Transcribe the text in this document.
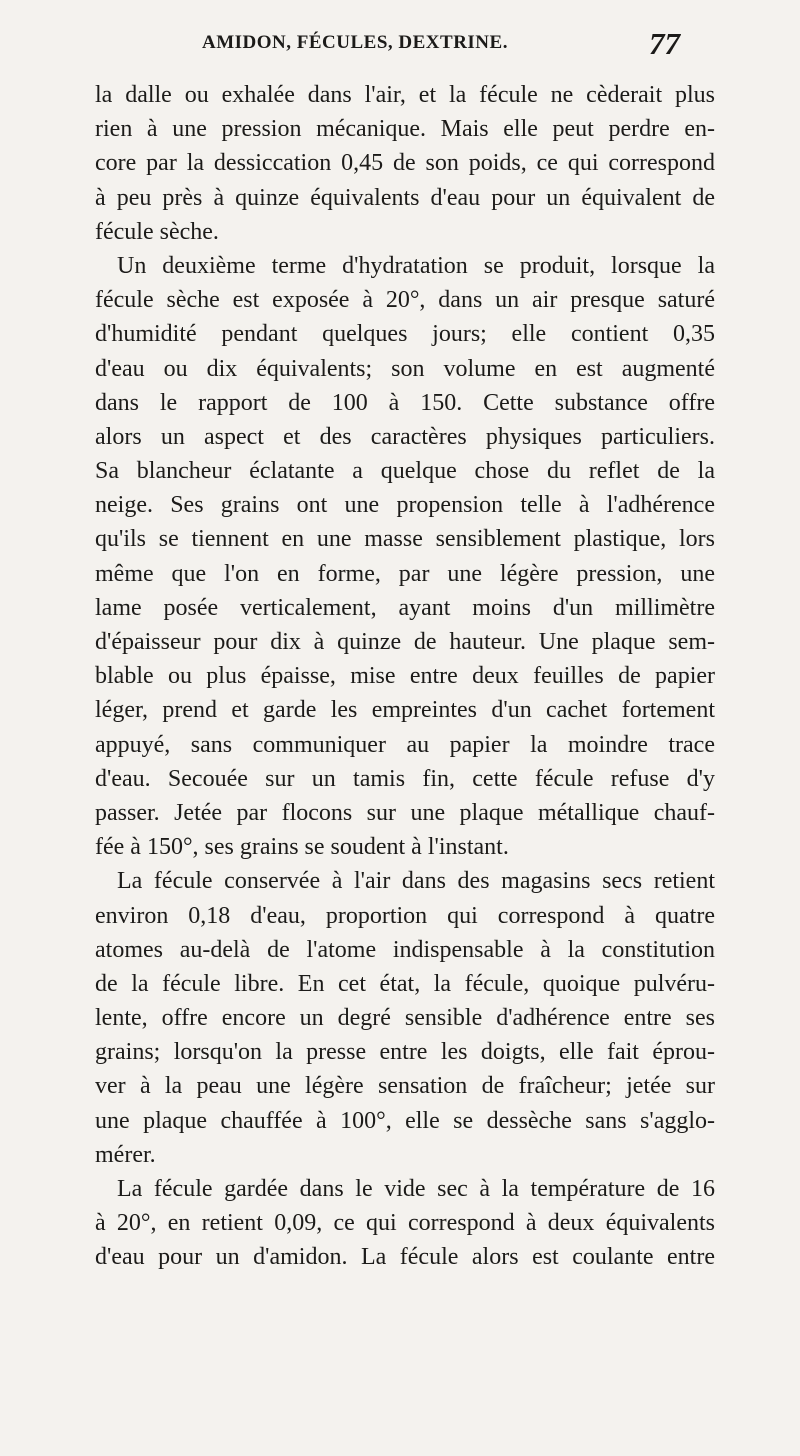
AMIDON, FÉCULES, DEXTRINE.	77
la dalle ou exhalée dans l'air, et la fécule ne cèderait plus
rien à une pression mécanique. Mais elle peut perdre en-
core par la dessiccation 0,45 de son poids, ce qui correspond
à peu près à quinze équivalents d'eau pour un équivalent de
fécule sèche.
Un deuxième terme d'hydratation se produit, lorsque la
fécule sèche est exposée à 20°, dans un air presque saturé
d'humidité pendant quelques jours; elle contient 0,35
d'eau ou dix équivalents; son volume en est augmenté
dans le rapport de 100 à 150. Cette substance offre
alors un aspect et des caractères physiques particuliers.
Sa blancheur éclatante a quelque chose du reflet de la
neige. Ses grains ont une propension telle à l'adhérence
qu'ils se tiennent en une masse sensiblement plastique, lors
même que l'on en forme, par une légère pression, une
lame posée verticalement, ayant moins d'un millimètre
d'épaisseur pour dix à quinze de hauteur. Une plaque sem-
blable ou plus épaisse, mise entre deux feuilles de papier
léger, prend et garde les empreintes d'un cachet fortement
appuyé, sans communiquer au papier la moindre trace
d'eau. Secouée sur un tamis fin, cette fécule refuse d'y
passer. Jetée par flocons sur une plaque métallique chauf-
fée à 150°, ses grains se soudent à l'instant.
La fécule conservée à l'air dans des magasins secs retient
environ 0,18 d'eau, proportion qui correspond à quatre
atomes au-delà de l'atome indispensable à la constitution
de la fécule libre. En cet état, la fécule, quoique pulvéru-
lente, offre encore un degré sensible d'adhérence entre ses
grains; lorsqu'on la presse entre les doigts, elle fait éprou-
ver à la peau une légère sensation de fraîcheur; jetée sur
une plaque chauffée à 100°, elle se dessèche sans s'agglo-
mérer.
La fécule gardée dans le vide sec à la température de 16
à 20°, en retient 0,09, ce qui correspond à deux équivalents
d'eau pour un d'amidon. La fécule alors est coulante entre
